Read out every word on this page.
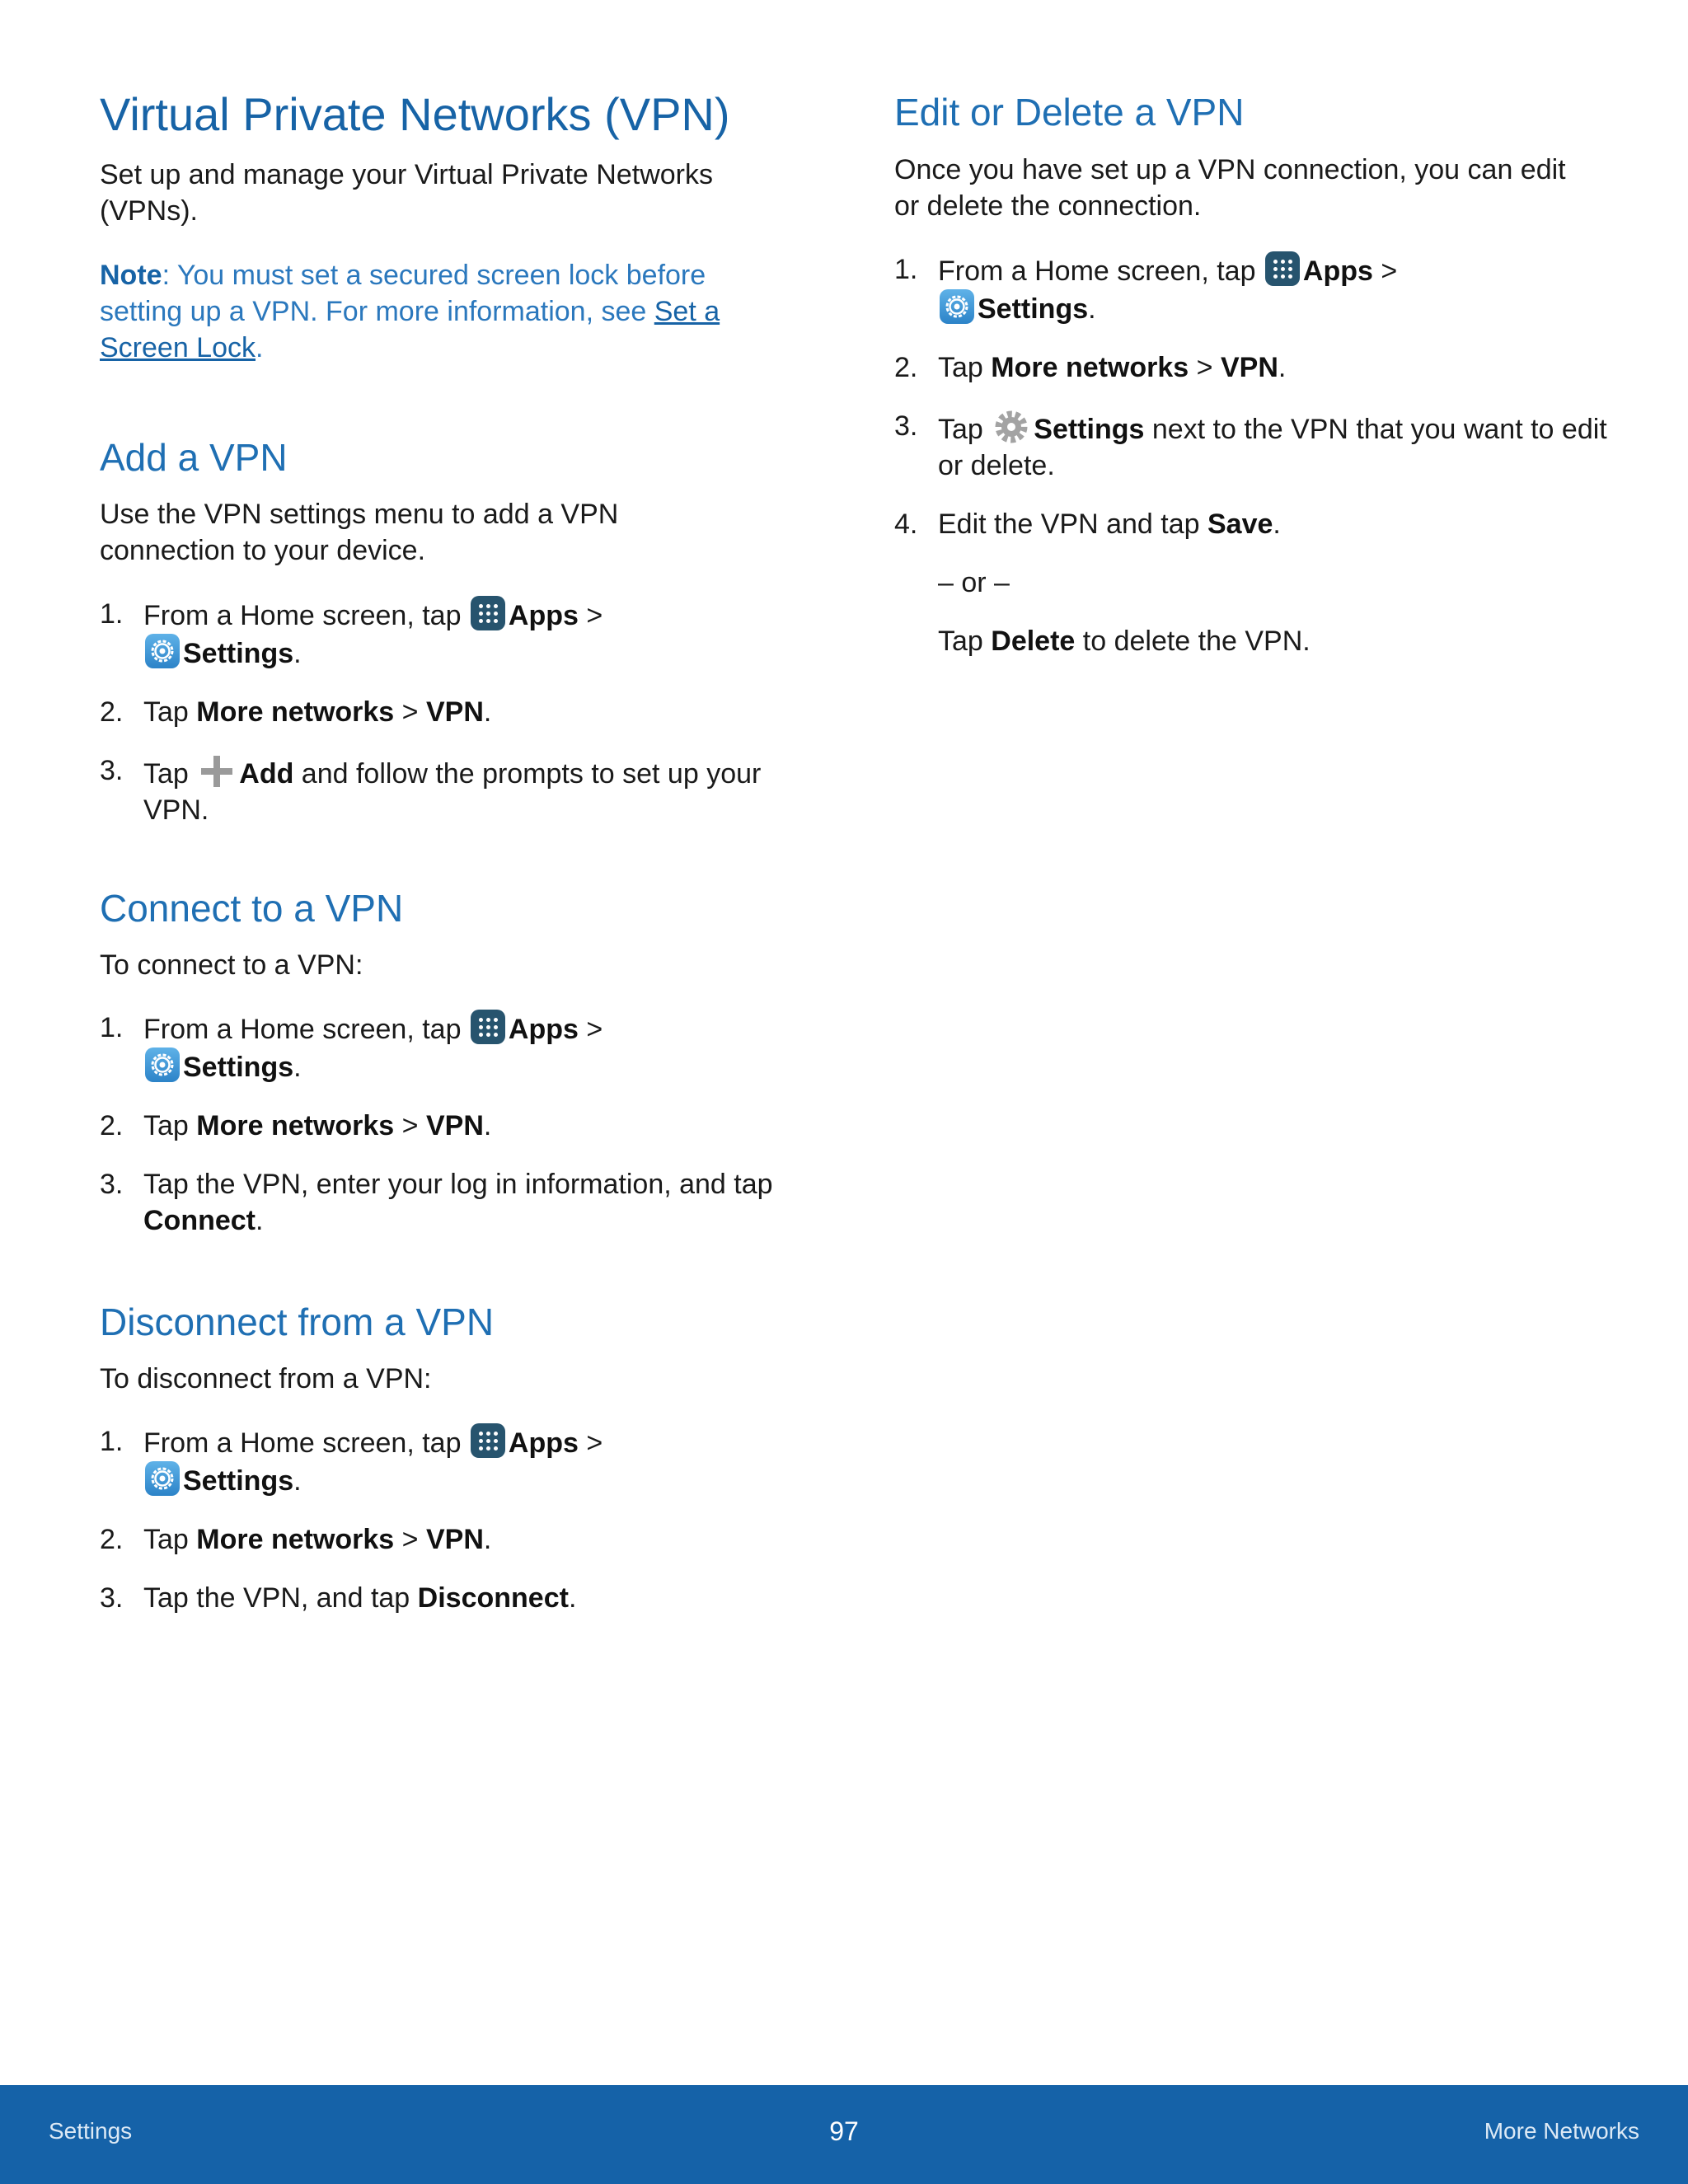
Virtual Private Networks (VPN)

Set up and manage your Virtual Private Networks (VPNs).

Note: You must set a secured screen lock before setting up a VPN. For more information, see Set a Screen Lock.

Add a VPN

Use the VPN settings menu to add a VPN connection to your device.

1. From a Home screen, tap
Apps >

Settings.
2. Tap More networks > VPN.
3. Tap
Add and follow the prompts to set up your VPN.
Connect to a VPN

To connect to a VPN:

1. From a Home screen, tap
Apps >

Settings.
2. Tap More networks > VPN.
3. Tap the VPN, enter your log in information, and tap Connect.
Disconnect from a VPN

To disconnect from a VPN:

1. From a Home screen, tap
Apps >

Settings.
2. Tap More networks > VPN.
3. Tap the VPN, and tap Disconnect.
Edit or Delete a VPN

Once you have set up a VPN connection, you can edit or delete the connection.

1. From a Home screen, tap
Apps >

Settings.
2. Tap More networks > VPN.
3. Tap
Settings next to the VPN that you want to edit or delete.
4. Edit the VPN and tap Save.
– or –
Tap Delete to delete the VPN.
Settings	97	More Networks
